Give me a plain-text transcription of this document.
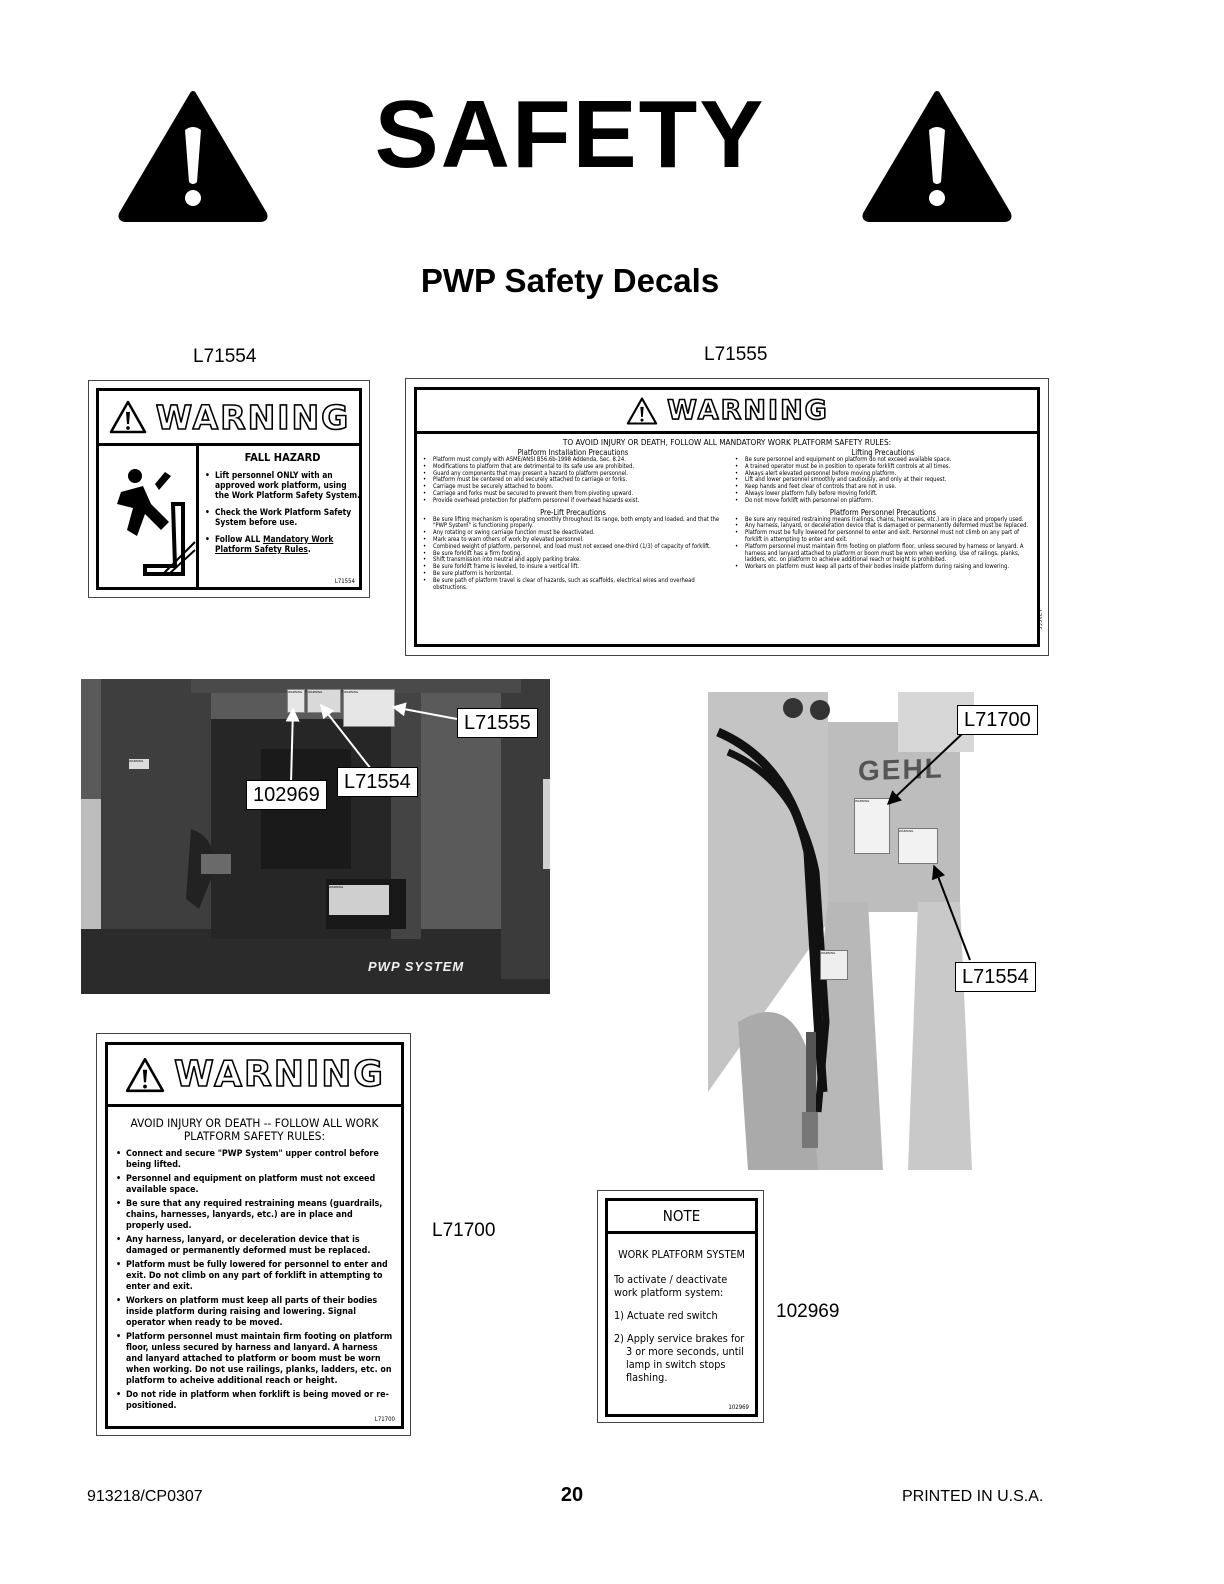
SAFETY
PWP Safety Decals
L71554	L71555
L71700
102969
WARNING
FALL HAZARD
• Lift personnel ONLY with an approved work platform, using the Work Platform Safety System.
• Check the Work Platform Safety System before use.
• Follow ALL Mandatory Work Platform Safety Rules.
L71554
WARNING
TO AVOID INJURY OR DEATH, FOLLOW ALL MANDATORY WORK PLATFORM SAFETY RULES:
Platform Installation Precautions
• Platform must comply with ASME/ANSI B56.6b-1998 Addenda, Sec. 8.24.
• Modifications to platform that are detrimental to its safe use are prohibited.
• Guard any components that may present a hazard to platform personnel.
• Platform must be centered on and securely attached to carriage or forks.
• Carriage must be securely attached to boom.
• Carriage and forks must be secured to prevent them from pivoting upward.
• Provide overhead protection for platform personnel if overhead hazards exist.
Pre-Lift Precautions
• Be sure lifting mechanism is operating smoothly throughout its range, both empty and loaded, and that the "PWP System" is functioning properly.
• Any rotating or swing carriage function must be deactivated.
• Mark area to warn others of work by elevated personnel.
• Combined weight of platform, personnel, and load must not exceed one-third (1/3) of capacity of forklift.
• Be sure forklift has a firm footing.
• Shift transmission into neutral and apply parking brake.
• Be sure forklift frame is leveled, to insure a vertical lift.
• Be sure platform is horizontal.
• Be sure path of platform travel is clear of hazards, such as scaffolds, electrical wires and overhead obstructions.
Lifting Precautions
• Be sure personnel and equipment on platform do not exceed available space.
• A trained operator must be in position to operate forklift controls at all times.
• Always alert elevated personnel before moving platform.
• Lift and lower personnel smoothly and cautiously, and only at their request.
• Keep hands and feet clear of controls that are not in use.
• Always lower platform fully before moving forklift.
• Do not move forklift with personnel on platform.
Platform Personnel Precautions
• Be sure any required restraining means (railings, chains, harnesses, etc.) are in place and properly used.
• Any harness, lanyard, or deceleration device that is damaged or permanently deformed must be replaced.
• Platform must be fully lowered for personnel to enter and exit. Personnel must not climb on any part of forklift in attempting to enter and exit.
• Platform personnel must maintain firm footing on platform floor, unless secured by harness or lanyard. A harness and lanyard attached to platform or boom must be worn when working. Use of railings, planks, ladders, etc. on platform to achieve additional reach or height is prohibited.
• Workers on platform must keep all parts of their bodies inside platform during raising and lowering.
L71555
WARNING	WARNING	WARNING
WARNING
WARNING
PWP SYSTEM
L71555
L71554
102969
GEHL
WARNING
WARNING
WARNING
L71700
L71554
WARNING
AVOID INJURY OR DEATH -- FOLLOW ALL WORK PLATFORM SAFETY RULES:
• Connect and secure "PWP System" upper control before being lifted.
• Personnel and equipment on platform must not exceed available space.
• Be sure that any required restraining means (guardrails, chains, harnesses, lanyards, etc.) are in place and properly used.
• Any harness, lanyard, or deceleration device that is damaged or permanently deformed must be replaced.
• Platform must be fully lowered for personnel to enter and exit. Do not climb on any part of forklift in attempting to enter and exit.
• Workers on platform must keep all parts of their bodies inside platform during raising and lowering. Signal operator when ready to be moved.
• Platform personnel must maintain firm footing on platform floor, unless secured by harness and lanyard. A harness and lanyard attached to platform or boom must be worn when working. Do not use railings, planks, ladders, etc. on platform to acheive additional reach or height.
• Do not ride in platform when forklift is being moved or re-positioned.
L71700
NOTE
WORK PLATFORM SYSTEM
To activate / deactivate work platform system:
1) Actuate red switch
2) Apply service brakes for 3 or more seconds, until lamp in switch stops flashing.
102969
913218/CP0307	20	PRINTED IN U.S.A.
